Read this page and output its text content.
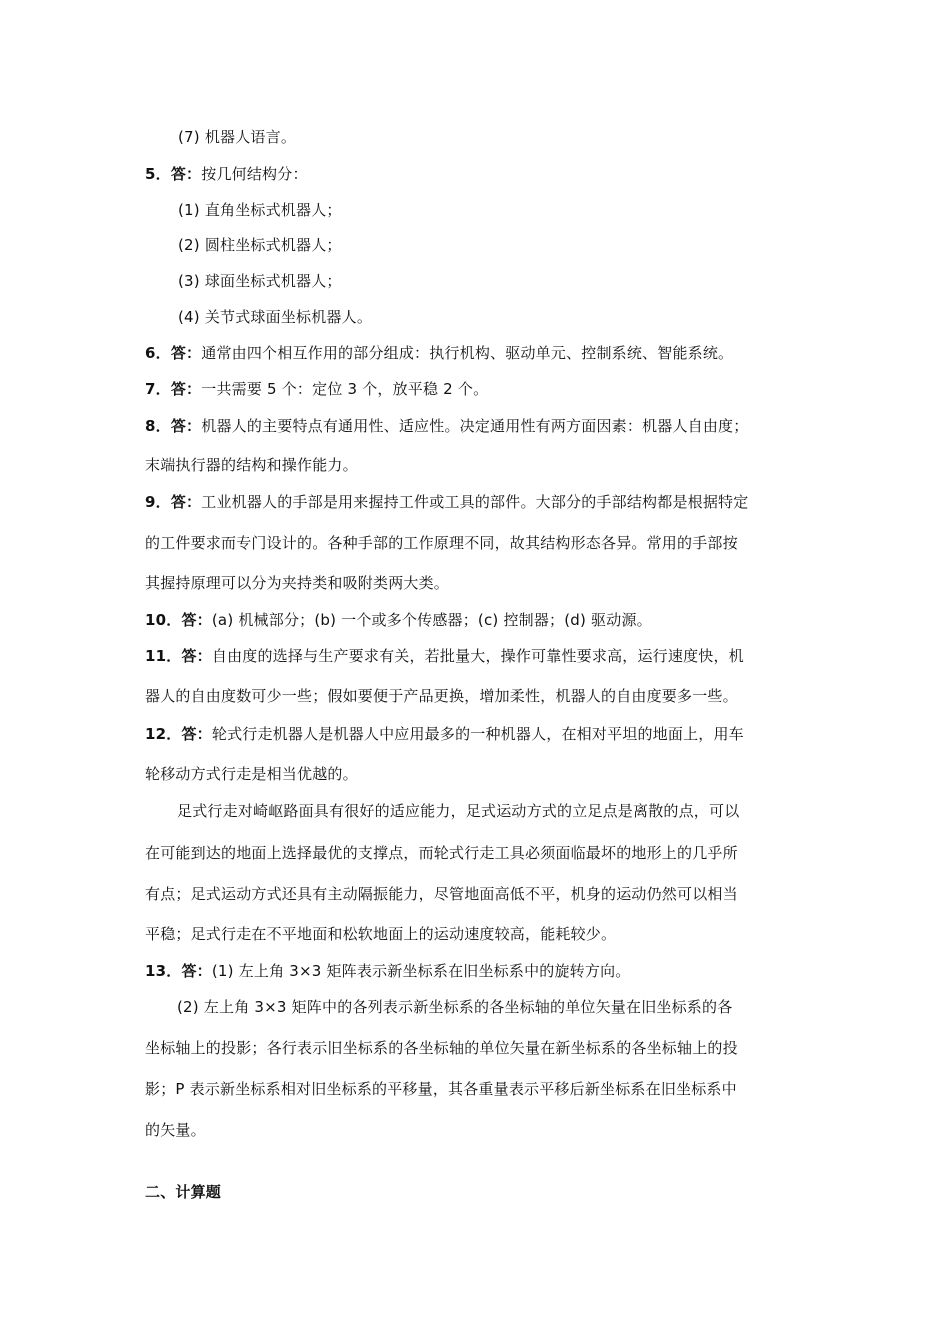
(7) 机器人语言。
5．答：按几何结构分：
(1) 直角坐标式机器人；
(2) 圆柱坐标式机器人；
(3) 球面坐标式机器人；
(4) 关节式球面坐标机器人。
6．答：通常由四个相互作用的部分组成：执行机构、驱动单元、控制系统、智能系统。
7．答：一共需要 5 个：定位 3 个，放平稳 2 个。
8．答：机器人的主要特点有通用性、适应性。决定通用性有两方面因素：机器人自由度；
末端执行器的结构和操作能力。
9．答：工业机器人的手部是用来握持工件或工具的部件。大部分的手部结构都是根据特定
的工件要求而专门设计的。各种手部的工作原理不同，故其结构形态各异。常用的手部按
其握持原理可以分为夹持类和吸附类两大类。
10．答：(a) 机械部分；(b) 一个或多个传感器；(c) 控制器；(d) 驱动源。
11．答：自由度的选择与生产要求有关，若批量大，操作可靠性要求高，运行速度快，机
器人的自由度数可少一些；假如要便于产品更换，增加柔性，机器人的自由度要多一些。
12．答：轮式行走机器人是机器人中应用最多的一种机器人，在相对平坦的地面上，用车
轮移动方式行走是相当优越的。
足式行走对崎岖路面具有很好的适应能力，足式运动方式的立足点是离散的点，可以
在可能到达的地面上选择最优的支撑点，而轮式行走工具必须面临最坏的地形上的几乎所
有点；足式运动方式还具有主动隔振能力，尽管地面高低不平，机身的运动仍然可以相当
平稳；足式行走在不平地面和松软地面上的运动速度较高，能耗较少。
13．答：(1) 左上角 3×3 矩阵表示新坐标系在旧坐标系中的旋转方向。
(2) 左上角 3×3 矩阵中的各列表示新坐标系的各坐标轴的单位矢量在旧坐标系的各
坐标轴上的投影；各行表示旧坐标系的各坐标轴的单位矢量在新坐标系的各坐标轴上的投
影；P 表示新坐标系相对旧坐标系的平移量，其各重量表示平移后新坐标系在旧坐标系中
的矢量。
二、计算题
